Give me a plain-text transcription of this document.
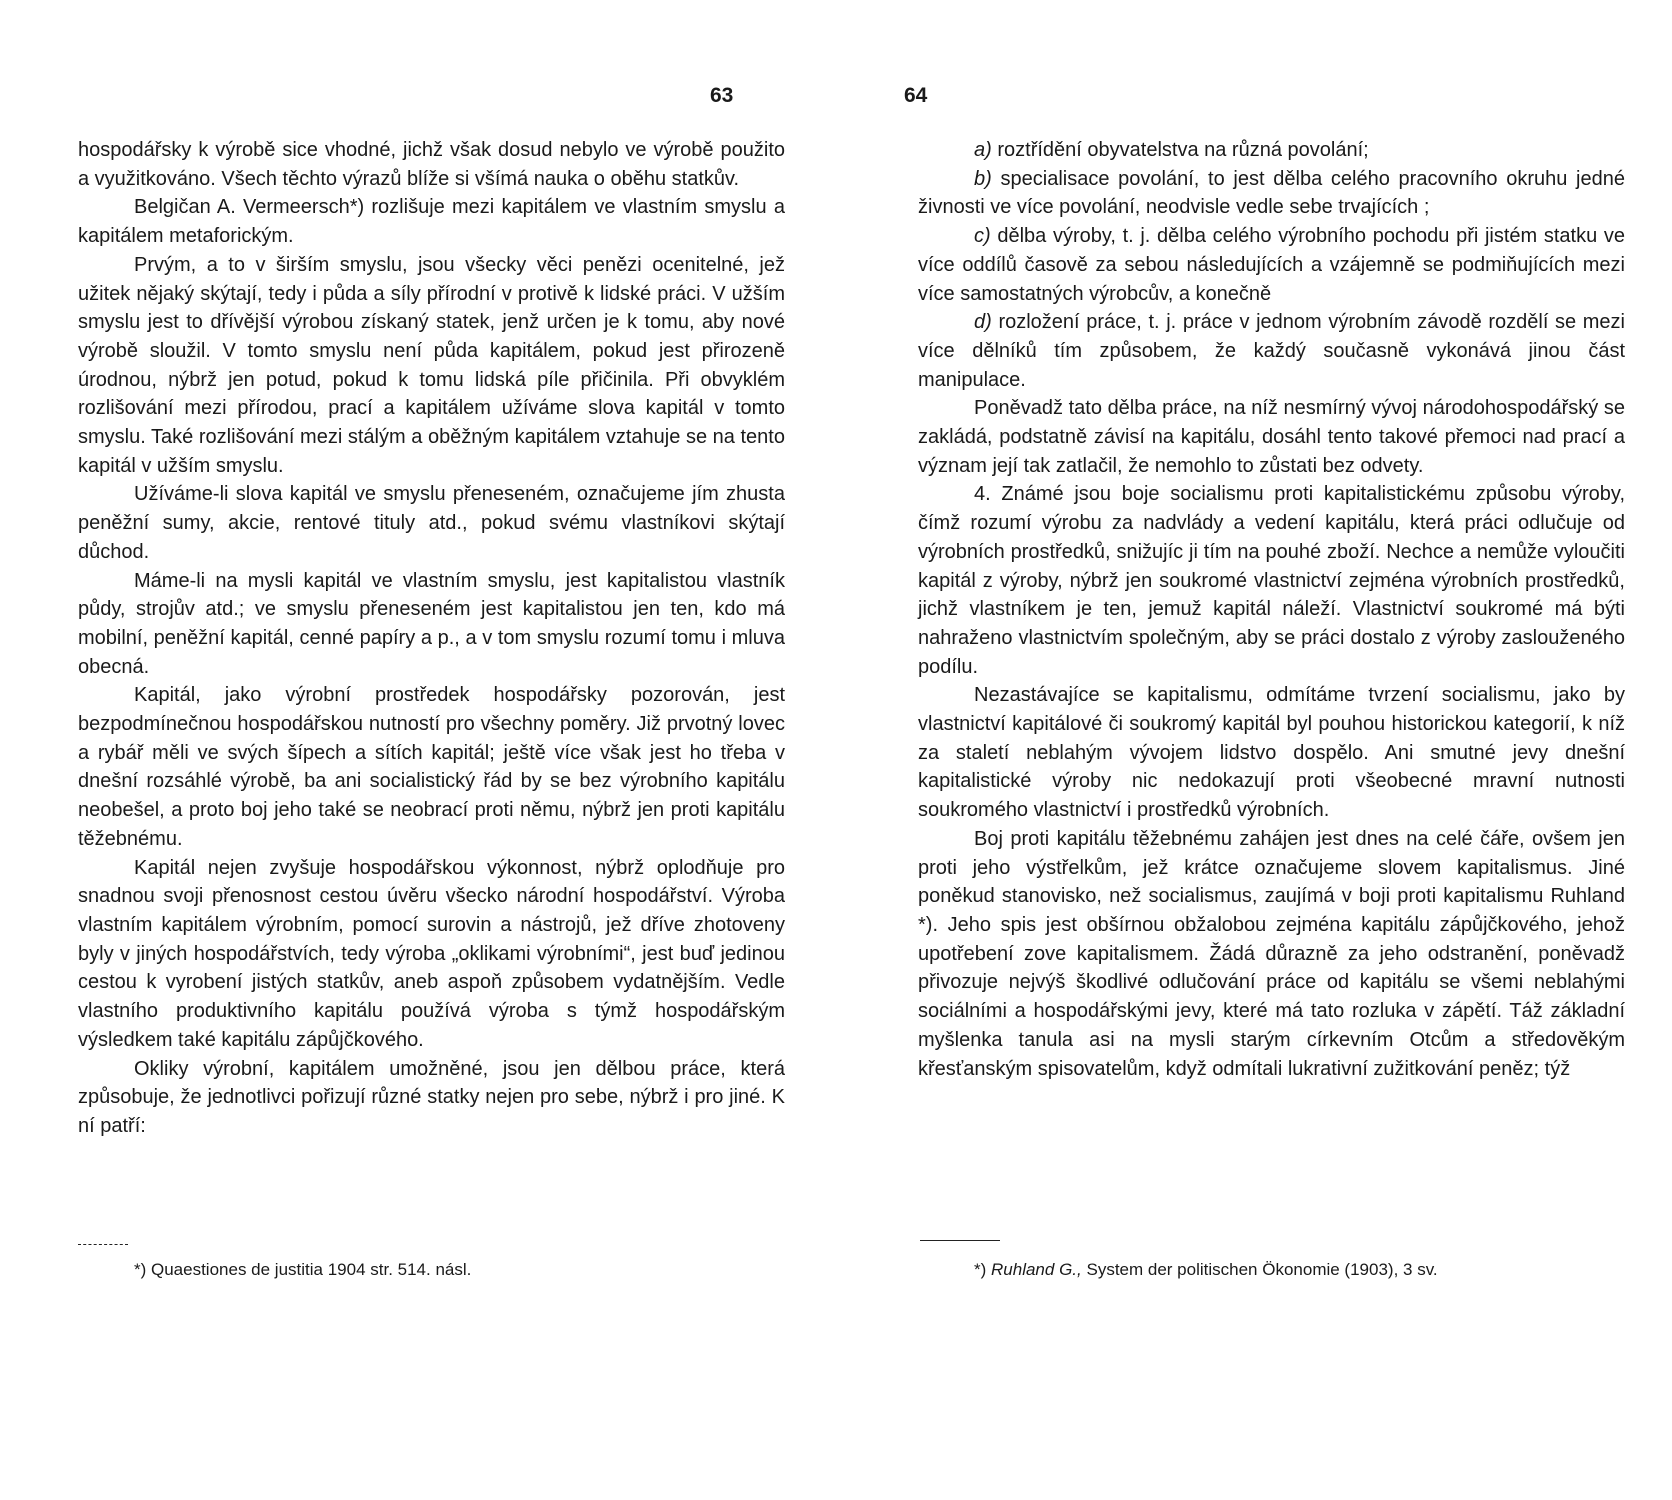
63

hospodářsky k výrobě sice vhodné, jichž však dosud nebylo ve výrobě použito a využitkováno. Všech těchto výrazů blíže si všímá nauka o oběhu statkův.

Belgičan A. Vermeersch*) rozlišuje mezi kapitálem ve vlastním smyslu a kapitálem metaforickým.

Prvým, a to v širším smyslu, jsou všecky věci penězi ocenitelné, jež užitek nějaký skýtají, tedy i půda a síly přírodní v protivě k lidské práci. V užším smyslu jest to dřívější výrobou získaný statek, jenž určen je k tomu, aby nové výrobě sloužil. V tomto smyslu není půda kapitálem, pokud jest přirozeně úrodnou, nýbrž jen potud, pokud k tomu lidská píle přičinila. Při obvyklém rozlišování mezi přírodou, prací a kapitálem užíváme slova kapitál v tomto smyslu. Také rozlišování mezi stálým a oběžným kapitálem vztahuje se na tento kapitál v užším smyslu.

Užíváme-li slova kapitál ve smyslu přeneseném, označujeme jím zhusta peněžní sumy, akcie, rentové tituly atd., pokud svému vlastníkovi skýtají důchod.

Máme-li na mysli kapitál ve vlastním smyslu, jest kapitalistou vlastník půdy, strojův atd.; ve smyslu přeneseném jest kapitalistou jen ten, kdo má mobilní, peněžní kapitál, cenné papíry a p., a v tom smyslu rozumí tomu i mluva obecná.

Kapitál, jako výrobní prostředek hospodářsky pozorován, jest bezpodmínečnou hospodářskou nutností pro všechny poměry. Již prvotný lovec a rybář měli ve svých šípech a sítích kapitál; ještě více však jest ho třeba v dnešní rozsáhlé výrobě, ba ani socialistický řád by se bez výrobního kapitálu neobešel, a proto boj jeho také se neobrací proti němu, nýbrž jen proti kapitálu těžebnému.

Kapitál nejen zvyšuje hospodářskou výkonnost, nýbrž oplodňuje pro snadnou svoji přenosnost cestou úvěru všecko národní hospodářství. Výroba vlastním kapitálem výrobním, pomocí surovin a nástrojů, jež dříve zhotoveny byly v jiných hospodářstvích, tedy výroba „oklikami výrobními“, jest buď jedinou cestou k vyrobení jistých statkův, aneb aspoň způsobem vydatnějším. Vedle vlastního produktivního kapitálu používá výroba s týmž hospodářským výsledkem také kapitálu zápůjčkového.

Okliky výrobní, kapitálem umožněné, jsou jen dělbou práce, která způsobuje, že jednotlivci pořizují různé statky nejen pro sebe, nýbrž i pro jiné. K ní patří:

*) Quaestiones de justitia 1904 str. 514. násl.
64

a) roztřídění obyvatelstva na různá povolání;

b) specialisace povolání, to jest dělba celého pracovního okruhu jedné živnosti ve více povolání, neodvisle vedle sebe trvajících ;

c) dělba výroby, t. j. dělba celého výrobního pochodu při jistém statku ve více oddílů časově za sebou následujících a vzájemně se podmiňujících mezi více samostatných výrobcův, a konečně

d) rozložení práce, t. j. práce v jednom výrobním závodě rozdělí se mezi více dělníků tím způsobem, že každý současně vykonává jinou část manipulace.

Poněvadž tato dělba práce, na níž nesmírný vývoj národohospodářský se zakládá, podstatně závisí na kapitálu, dosáhl tento takové přemoci nad prací a význam její tak zatlačil, že nemohlo to zůstati bez odvety.

4. Známé jsou boje socialismu proti kapitalistickému způsobu výroby, čímž rozumí výrobu za nadvlády a vedení kapitálu, která práci odlučuje od výrobních prostředků, snižujíc ji tím na pouhé zboží. Nechce a nemůže vyloučiti kapitál z výroby, nýbrž jen soukromé vlastnictví zejména výrobních prostředků, jichž vlastníkem je ten, jemuž kapitál náleží. Vlastnictví soukromé má býti nahraženo vlastnictvím společným, aby se práci dostalo z výroby zaslouženého podílu.

Nezastávajíce se kapitalismu, odmítáme tvrzení socialismu, jako by vlastnictví kapitálové či soukromý kapitál byl pouhou historickou kategorií, k níž za staletí neblahým vývojem lidstvo dospělo. Ani smutné jevy dnešní kapitalistické výroby nic nedokazují proti všeobecné mravní nutnosti soukromého vlastnictví i prostředků výrobních.

Boj proti kapitálu těžebnému zahájen jest dnes na celé čáře, ovšem jen proti jeho výstřelkům, jež krátce označujeme slovem kapitalismus. Jiné poněkud stanovisko, než socialismus, zaujímá v boji proti kapitalismu Ruhland *). Jeho spis jest obšírnou obžalobou zejména kapitálu zápůjčkového, jehož upotřebení zove kapitalismem. Žádá důrazně za jeho odstranění, poněvadž přivozuje nejvýš škodlivé odlučování práce od kapitálu se všemi neblahými sociálními a hospodářskými jevy, které má tato rozluka v zápětí. Táž základní myšlenka tanula asi na mysli starým církevním Otcům a středověkým křesťanským spisovatelům, když odmítali lukrativní zužitkování peněz; týž

*) Ruhland G., System der politischen Ökonomie (1903), 3 sv.
